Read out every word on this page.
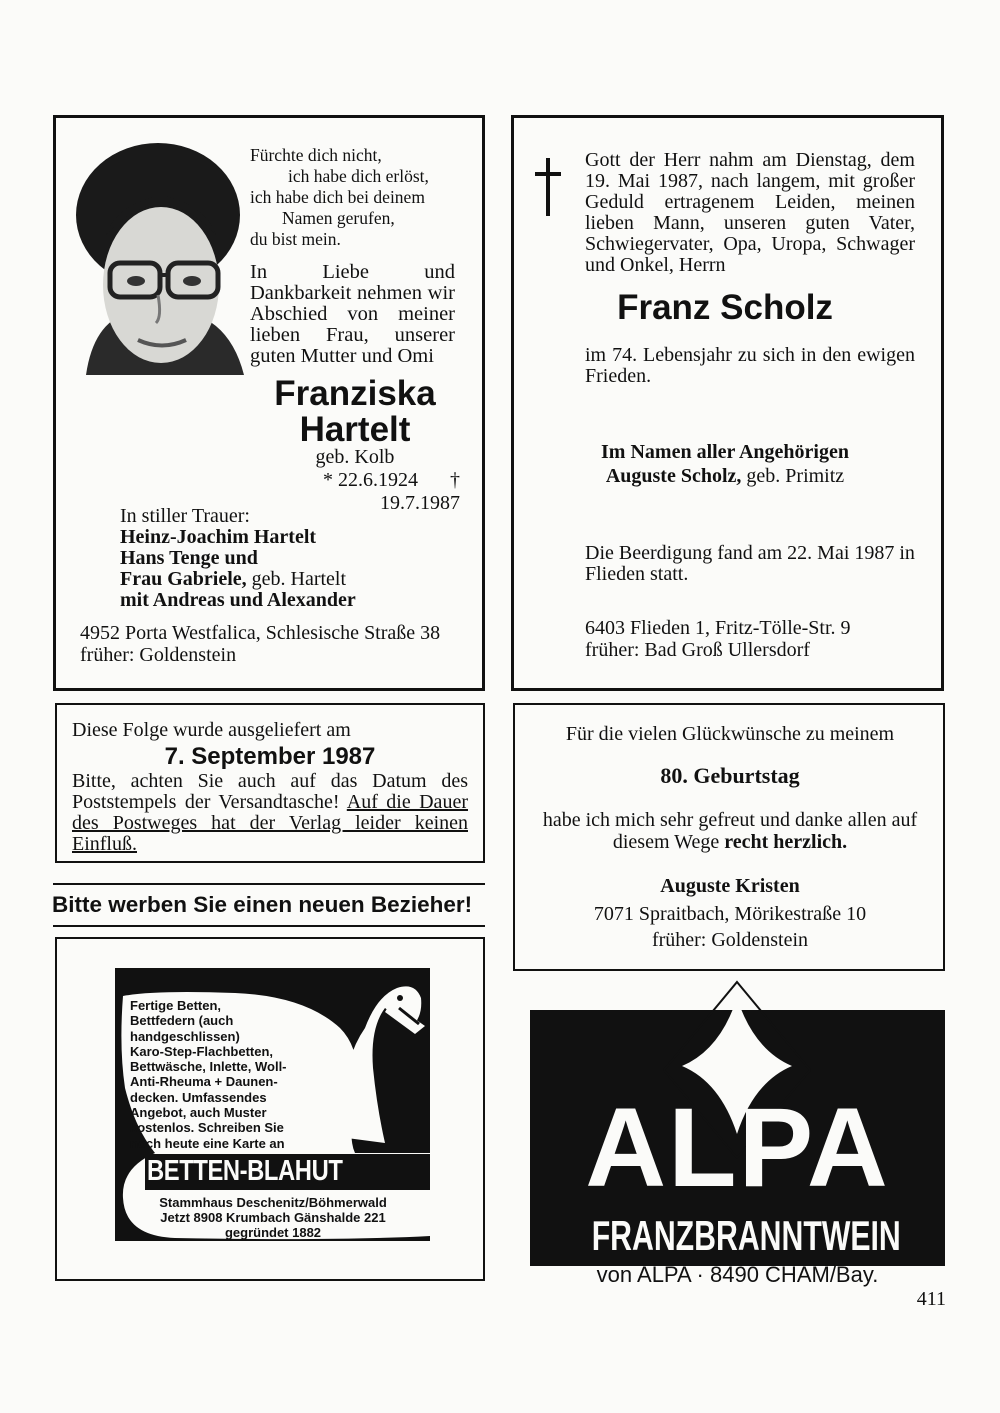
Fürchte dich nicht,
ich habe dich erlöst,
ich habe dich bei deinem
Namen gerufen,
du bist mein.
In Liebe und Dankbarkeit nehmen wir Abschied von meiner lieben Frau, unserer guten Mutter und Omi
Franziska
Hartelt
geb. Kolb
* 22.6.1924 † 19.7.1987
In stiller Trauer:
Heinz-Joachim Hartelt
Hans Tenge und
Frau Gabriele, geb. Hartelt
mit Andreas und Alexander
4952 Porta Westfalica, Schlesische Straße 38
früher: Goldenstein
Gott der Herr nahm am Dienstag, dem 19. Mai 1987, nach langem, mit großer Geduld ertragenem Leiden, meinen lieben Mann, unseren guten Vater, Schwiegervater, Opa, Uropa, Schwager und Onkel, Herrn
Franz Scholz
im 74. Lebensjahr zu sich in den ewigen Frieden.
Im Namen aller Angehörigen
Auguste Scholz, geb. Primitz
Die Beerdigung fand am 22. Mai 1987 in Flieden statt.
6403 Flieden 1, Fritz-Tölle-Str. 9
früher: Bad Groß Ullersdorf
Diese Folge wurde ausgeliefert am
7. September 1987
Bitte, achten Sie auch auf das Datum des Poststempels der Versandtasche! Auf die Dauer des Postweges hat der Verlag leider keinen Einfluß.
Für die vielen Glückwünsche zu meinem
80. Geburtstag
habe ich mich sehr gefreut und danke allen auf diesem Wege recht herzlich.
Auguste Kristen
7071 Spraitbach, Mörikestraße 10
früher: Goldenstein
Bitte werben Sie einen neuen Bezieher!
Fertige Betten,
Bettfedern (auch
handgeschlissen)
Karo-Step-Flachbetten,
Bettwäsche, Inlette, Woll-
Anti-Rheuma + Daunen-
decken. Umfassendes
Angebot, auch Muster
kostenlos. Schreiben Sie
noch heute eine Karte an
BETTEN-BLAHUT
Stammhaus Deschenitz/Böhmerwald
Jetzt 8908 Krumbach Gänshalde 221
gegründet 1882
ALPA
FRANZBRANNTWEIN
von ALPA · 8490 CHAM/Bay.
411
